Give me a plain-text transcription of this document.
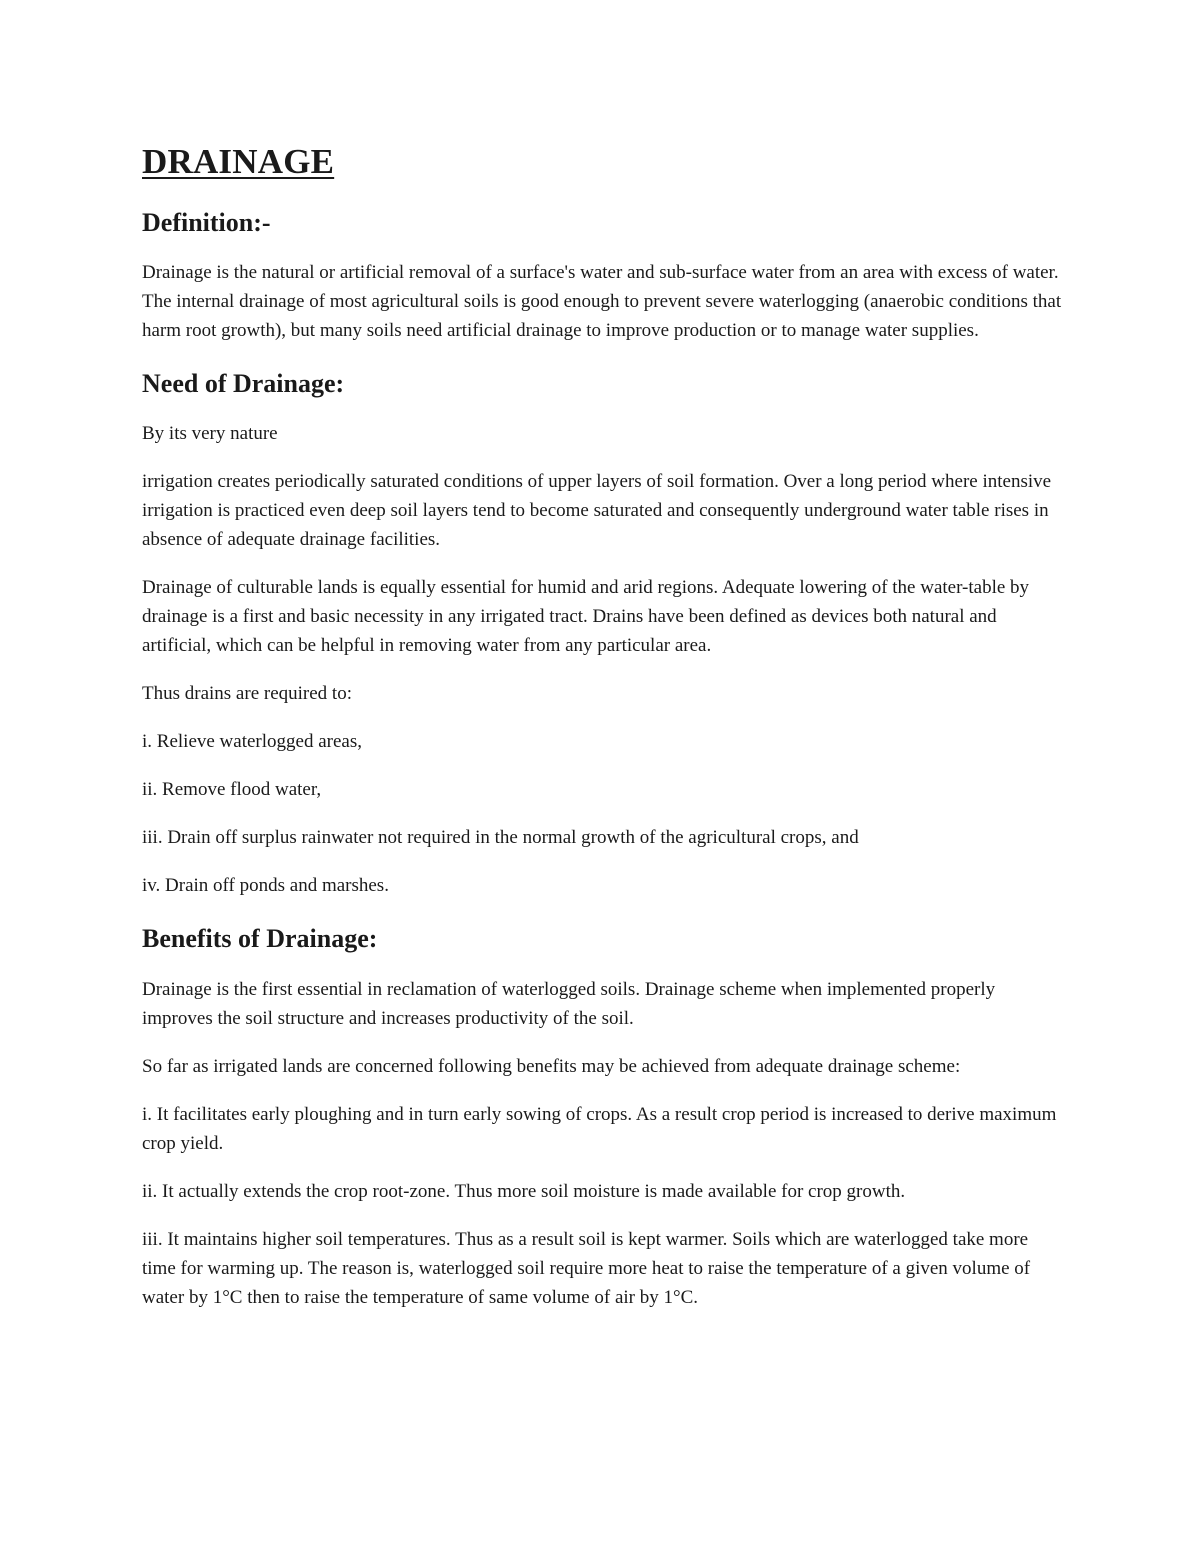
DRAINAGE
Definition:-

Drainage is the natural or artificial removal of a surface's water and sub-surface water from an area with excess of water. The internal drainage of most agricultural soils is good enough to prevent severe waterlogging (anaerobic conditions that harm root growth), but many soils need artificial drainage to improve production or to manage water supplies.

Need of Drainage:

By its very nature

irrigation creates periodically saturated conditions of upper layers of soil formation. Over a long period where intensive irrigation is practiced even deep soil layers tend to become saturated and consequently underground water table rises in absence of adequate drainage facilities.

Drainage of culturable lands is equally essential for humid and arid regions. Adequate lowering of the water-table by drainage is a first and basic necessity in any irrigated tract. Drains have been defined as devices both natural and artificial, which can be helpful in removing water from any particular area.

Thus drains are required to:

i. Relieve waterlogged areas,

ii. Remove flood water,

iii. Drain off surplus rainwater not required in the normal growth of the agricultural crops, and

iv. Drain off ponds and marshes.

Benefits of Drainage:

Drainage is the first essential in reclamation of waterlogged soils. Drainage scheme when implemented properly improves the soil structure and increases productivity of the soil.

So far as irrigated lands are concerned following benefits may be achieved from adequate drainage scheme:

i. It facilitates early ploughing and in turn early sowing of crops. As a result crop period is increased to derive maximum crop yield.

ii. It actually extends the crop root-zone. Thus more soil moisture is made available for crop growth.

iii. It maintains higher soil temperatures. Thus as a result soil is kept warmer. Soils which are waterlogged take more time for warming up. The reason is, waterlogged soil require more heat to raise the temperature of a given volume of water by 1°C then to raise the temperature of same volume of air by 1°C.
